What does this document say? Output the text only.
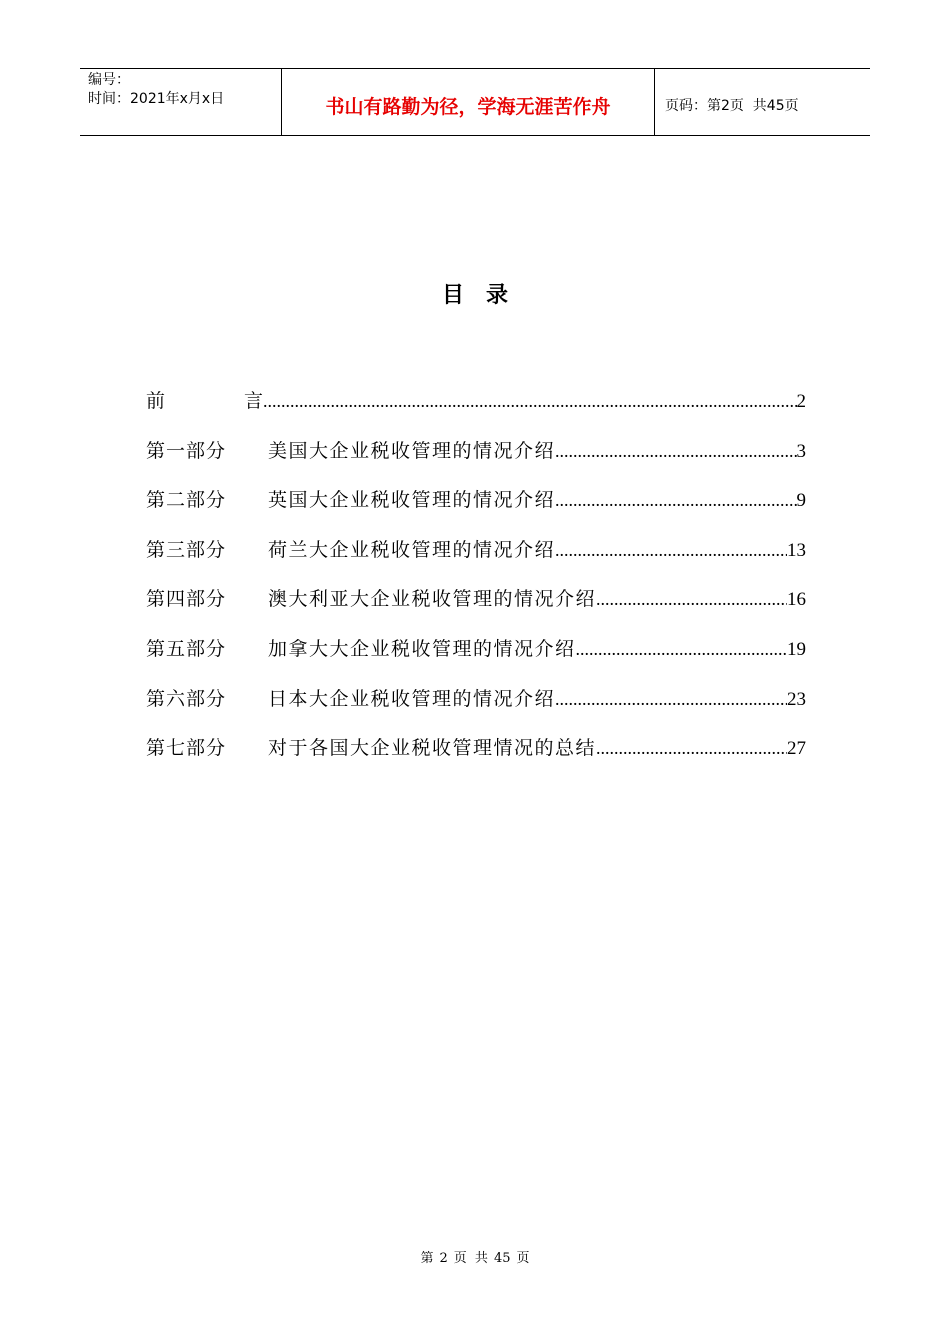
编号：
时间：2021年x月x日	书山有路勤为径，学海无涯苦作舟	页码：第2页  共45页
目录
前	言 .....	2
第一部分	美国大企业税收管理的情况介绍 .....	3
第二部分	英国大企业税收管理的情况介绍 .....	9
第三部分	荷兰大企业税收管理的情况介绍 .....	13
第四部分	澳大利亚大企业税收管理的情况介绍 .....	16
第五部分	加拿大大企业税收管理的情况介绍 .....	19
第六部分	日本大企业税收管理的情况介绍 .....	23
第七部分	对于各国大企业税收管理情况的总结 .....	27
第 2 页 共 45 页
